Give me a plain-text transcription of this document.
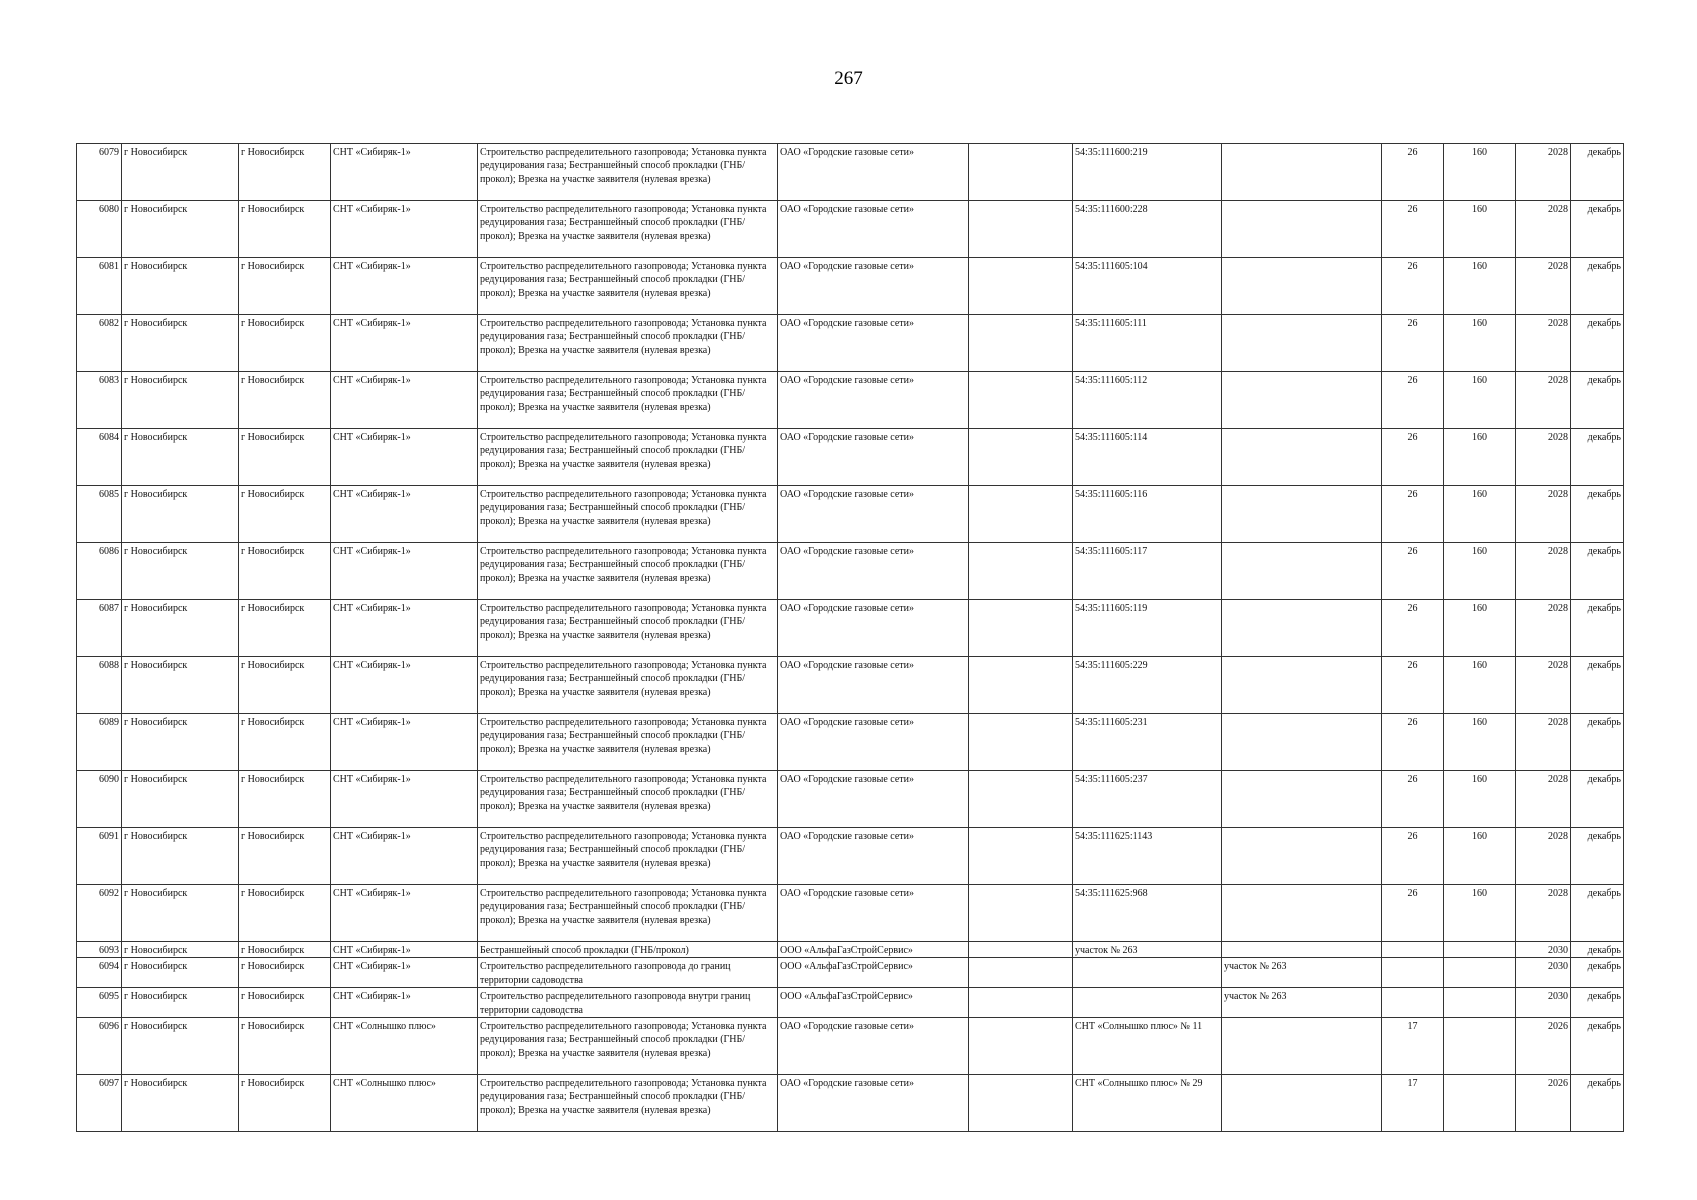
267
6079	г Новосибирск	г Новосибирск	СНТ «Сибиряк-1»	Строительство распределительного газопровода; Установка пункта редуцирования газа; Бестраншейный способ прокладки (ГНБ/прокол); Врезка на участке заявителя (нулевая врезка)	ОАО «Городские газовые сети»		54:35:111600:219		26	160	2028	декабрь
6080	г Новосибирск	г Новосибирск	СНТ «Сибиряк-1»	Строительство распределительного газопровода; Установка пункта редуцирования газа; Бестраншейный способ прокладки (ГНБ/прокол); Врезка на участке заявителя (нулевая врезка)	ОАО «Городские газовые сети»		54:35:111600:228		26	160	2028	декабрь
6081	г Новосибирск	г Новосибирск	СНТ «Сибиряк-1»	Строительство распределительного газопровода; Установка пункта редуцирования газа; Бестраншейный способ прокладки (ГНБ/прокол); Врезка на участке заявителя (нулевая врезка)	ОАО «Городские газовые сети»		54:35:111605:104		26	160	2028	декабрь
6082	г Новосибирск	г Новосибирск	СНТ «Сибиряк-1»	Строительство распределительного газопровода; Установка пункта редуцирования газа; Бестраншейный способ прокладки (ГНБ/прокол); Врезка на участке заявителя (нулевая врезка)	ОАО «Городские газовые сети»		54:35:111605:111		26	160	2028	декабрь
6083	г Новосибирск	г Новосибирск	СНТ «Сибиряк-1»	Строительство распределительного газопровода; Установка пункта редуцирования газа; Бестраншейный способ прокладки (ГНБ/прокол); Врезка на участке заявителя (нулевая врезка)	ОАО «Городские газовые сети»		54:35:111605:112		26	160	2028	декабрь
6084	г Новосибирск	г Новосибирск	СНТ «Сибиряк-1»	Строительство распределительного газопровода; Установка пункта редуцирования газа; Бестраншейный способ прокладки (ГНБ/прокол); Врезка на участке заявителя (нулевая врезка)	ОАО «Городские газовые сети»		54:35:111605:114		26	160	2028	декабрь
6085	г Новосибирск	г Новосибирск	СНТ «Сибиряк-1»	Строительство распределительного газопровода; Установка пункта редуцирования газа; Бестраншейный способ прокладки (ГНБ/прокол); Врезка на участке заявителя (нулевая врезка)	ОАО «Городские газовые сети»		54:35:111605:116		26	160	2028	декабрь
6086	г Новосибирск	г Новосибирск	СНТ «Сибиряк-1»	Строительство распределительного газопровода; Установка пункта редуцирования газа; Бестраншейный способ прокладки (ГНБ/прокол); Врезка на участке заявителя (нулевая врезка)	ОАО «Городские газовые сети»		54:35:111605:117		26	160	2028	декабрь
6087	г Новосибирск	г Новосибирск	СНТ «Сибиряк-1»	Строительство распределительного газопровода; Установка пункта редуцирования газа; Бестраншейный способ прокладки (ГНБ/прокол); Врезка на участке заявителя (нулевая врезка)	ОАО «Городские газовые сети»		54:35:111605:119		26	160	2028	декабрь
6088	г Новосибирск	г Новосибирск	СНТ «Сибиряк-1»	Строительство распределительного газопровода; Установка пункта редуцирования газа; Бестраншейный способ прокладки (ГНБ/прокол); Врезка на участке заявителя (нулевая врезка)	ОАО «Городские газовые сети»		54:35:111605:229		26	160	2028	декабрь
6089	г Новосибирск	г Новосибирск	СНТ «Сибиряк-1»	Строительство распределительного газопровода; Установка пункта редуцирования газа; Бестраншейный способ прокладки (ГНБ/прокол); Врезка на участке заявителя (нулевая врезка)	ОАО «Городские газовые сети»		54:35:111605:231		26	160	2028	декабрь
6090	г Новосибирск	г Новосибирск	СНТ «Сибиряк-1»	Строительство распределительного газопровода; Установка пункта редуцирования газа; Бестраншейный способ прокладки (ГНБ/прокол); Врезка на участке заявителя (нулевая врезка)	ОАО «Городские газовые сети»		54:35:111605:237		26	160	2028	декабрь
6091	г Новосибирск	г Новосибирск	СНТ «Сибиряк-1»	Строительство распределительного газопровода; Установка пункта редуцирования газа; Бестраншейный способ прокладки (ГНБ/прокол); Врезка на участке заявителя (нулевая врезка)	ОАО «Городские газовые сети»		54:35:111625:1143		26	160	2028	декабрь
6092	г Новосибирск	г Новосибирск	СНТ «Сибиряк-1»	Строительство распределительного газопровода; Установка пункта редуцирования газа; Бестраншейный способ прокладки (ГНБ/прокол); Врезка на участке заявителя (нулевая врезка)	ОАО «Городские газовые сети»		54:35:111625:968		26	160	2028	декабрь
6093	г Новосибирск	г Новосибирск	СНТ «Сибиряк-1»	Бестраншейный способ прокладки (ГНБ/прокол)	ООО «АльфаГазСтройСервис»		участок № 263				2030	декабрь
6094	г Новосибирск	г Новосибирск	СНТ «Сибиряк-1»	Строительство распределительного газопровода до границ территории садоводства	ООО «АльфаГазСтройСервис»			участок № 263			2030	декабрь
6095	г Новосибирск	г Новосибирск	СНТ «Сибиряк-1»	Строительство распределительного газопровода внутри границ территории садоводства	ООО «АльфаГазСтройСервис»			участок № 263			2030	декабрь
6096	г Новосибирск	г Новосибирск	СНТ «Солнышко плюс»	Строительство распределительного газопровода; Установка пункта редуцирования газа; Бестраншейный способ прокладки (ГНБ/прокол); Врезка на участке заявителя (нулевая врезка)	ОАО «Городские газовые сети»		СНТ «Солнышко плюс» № 11		17		2026	декабрь
6097	г Новосибирск	г Новосибирск	СНТ «Солнышко плюс»	Строительство распределительного газопровода; Установка пункта редуцирования газа; Бестраншейный способ прокладки (ГНБ/прокол); Врезка на участке заявителя (нулевая врезка)	ОАО «Городские газовые сети»		СНТ «Солнышко плюс» № 29		17		2026	декабрь
